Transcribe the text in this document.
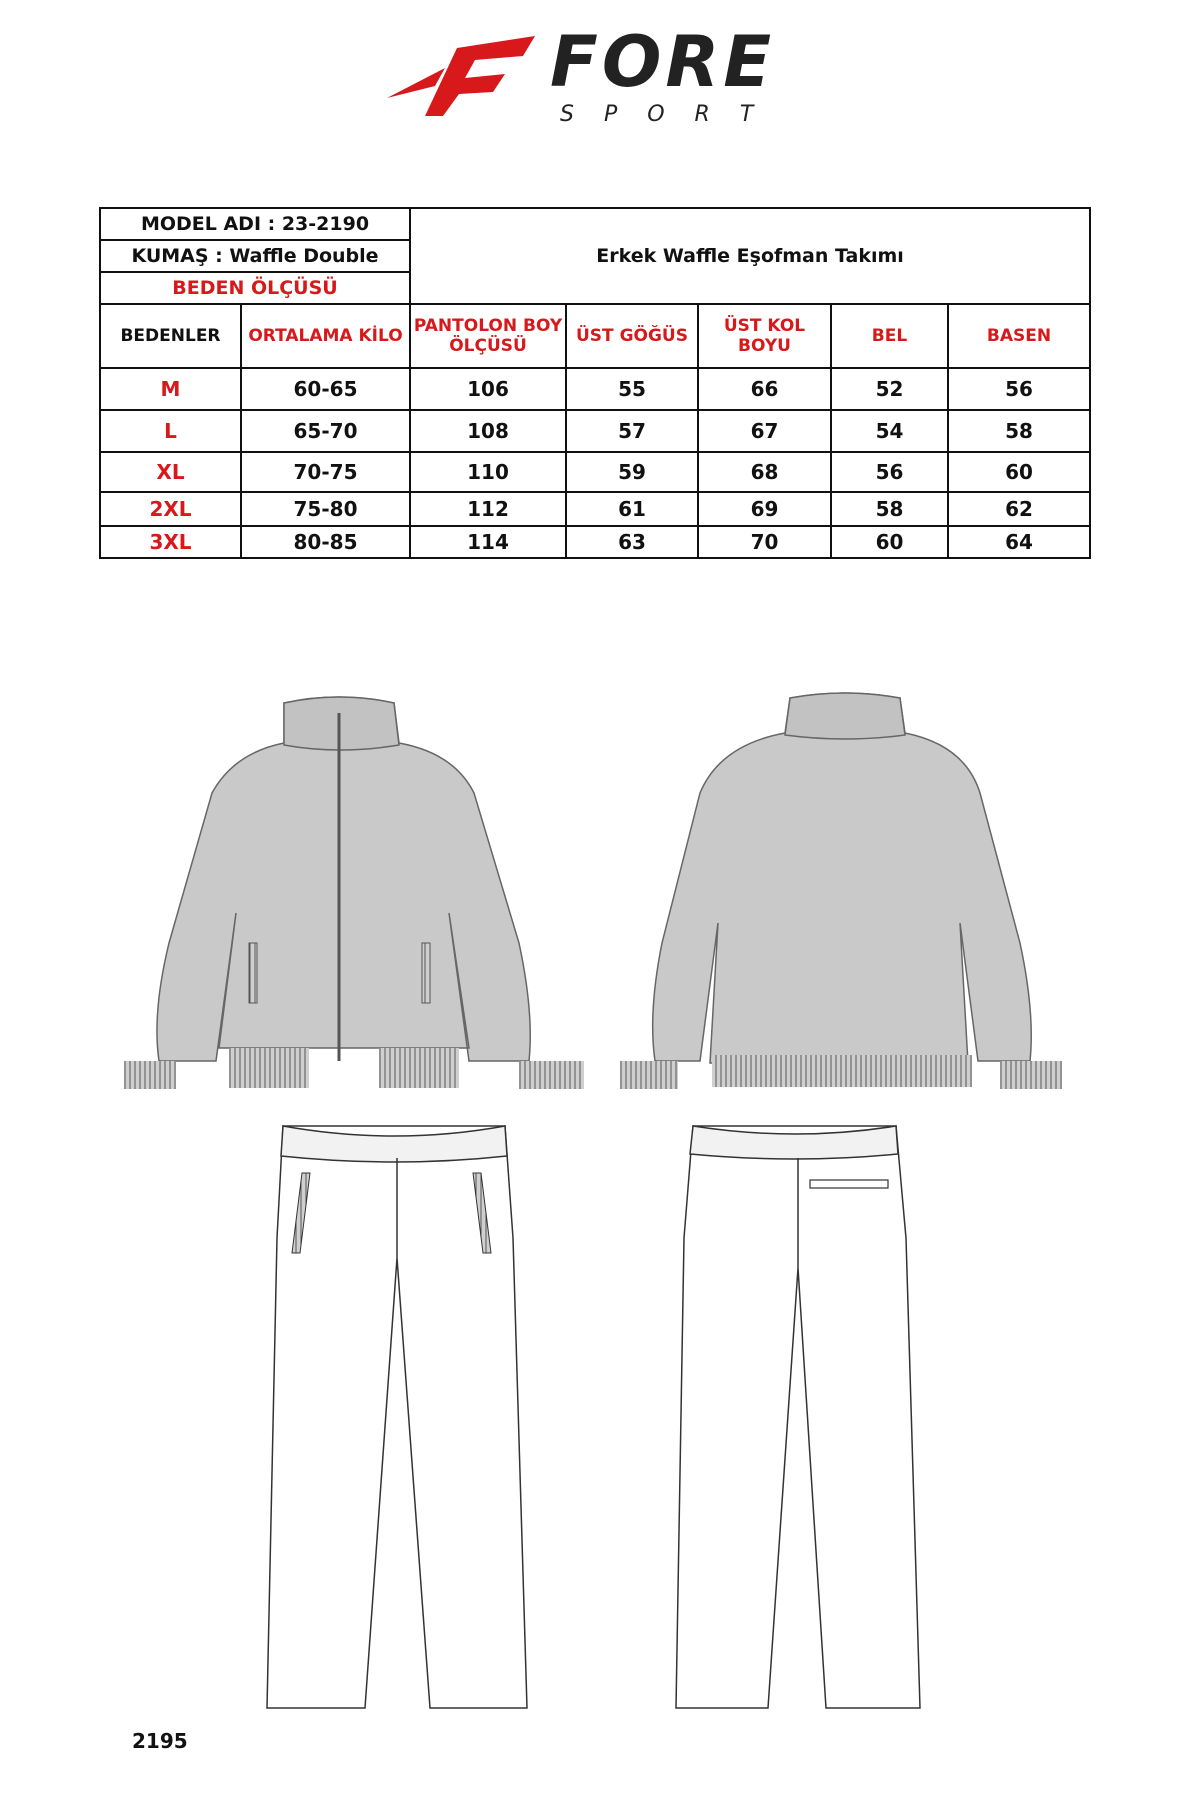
FORE
SPORT
MODEL ADI : 23-2190		Erkek Waffle Eşofman Takımı				
KUMAŞ : Waffle Double						
BEDEN ÖLÇÜSÜ						
BEDENLER	ORTALAMA KİLO	PANTOLON BOY ÖLÇÜSÜ	ÜST GÖĞÜS	ÜST KOL BOYU	BEL	BASEN
M	60-65	106	55	66	52	56
L	65-70	108	57	67	54	58
XL	70-75	110	59	68	56	60
2XL	75-80	112	61	69	58	62
3XL	80-85	114	63	70	60	64
2195
